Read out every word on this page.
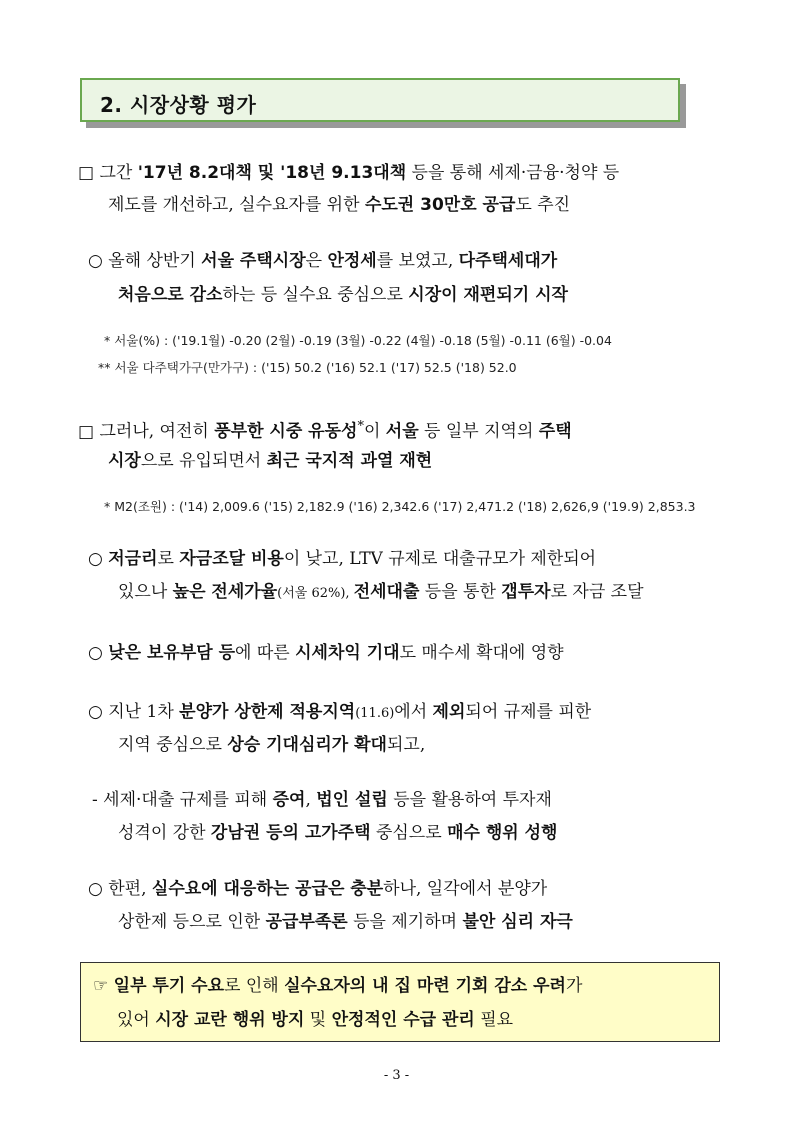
2. 시장상황 평가
□ 그간 '17년 8.2대책 및 '18년 9.13대책 등을 통해 세제·금융·청약 등
제도를 개선하고, 실수요자를 위한 수도권 30만호 공급도 추진
○ 올해 상반기 서울 주택시장은 안정세를 보였고, 다주택세대가
처음으로 감소하는 등 실수요 중심으로 시장이 재편되기 시작
* 서울(%) : ('19.1월) -0.20 (2월) -0.19 (3월) -0.22 (4월) -0.18 (5월) -0.11 (6월) -0.04
** 서울 다주택가구(만가구) : ('15) 50.2 ('16) 52.1 ('17) 52.5 ('18) 52.0
□ 그러나, 여전히 풍부한 시중 유동성*이 서울 등 일부 지역의 주택
시장으로 유입되면서 최근 국지적 과열 재현
* M2(조원) : ('14) 2,009.6 ('15) 2,182.9 ('16) 2,342.6 ('17) 2,471.2 ('18) 2,626,9 ('19.9) 2,853.3
○ 저금리로 자금조달 비용이 낮고, LTV 규제로 대출규모가 제한되어
있으나 높은 전세가율(서울 62%), 전세대출 등을 통한 갭투자로 자금 조달
○ 낮은 보유부담 등에 따른 시세차익 기대도 매수세 확대에 영향
○ 지난 1차 분양가 상한제 적용지역(11.6)에서 제외되어 규제를 피한
지역 중심으로 상승 기대심리가 확대되고,
- 세제·대출 규제를 피해 증여, 법인 설립 등을 활용하여 투자재
성격이 강한 강남권 등의 고가주택 중심으로 매수 행위 성행
○ 한편, 실수요에 대응하는 공급은 충분하나, 일각에서 분양가
상한제 등으로 인한 공급부족론 등을 제기하며 불안 심리 자극
☞ 일부 투기 수요로 인해 실수요자의 내 집 마련 기회 감소 우려가
있어 시장 교란 행위 방지 및 안정적인 수급 관리 필요
- 3 -
